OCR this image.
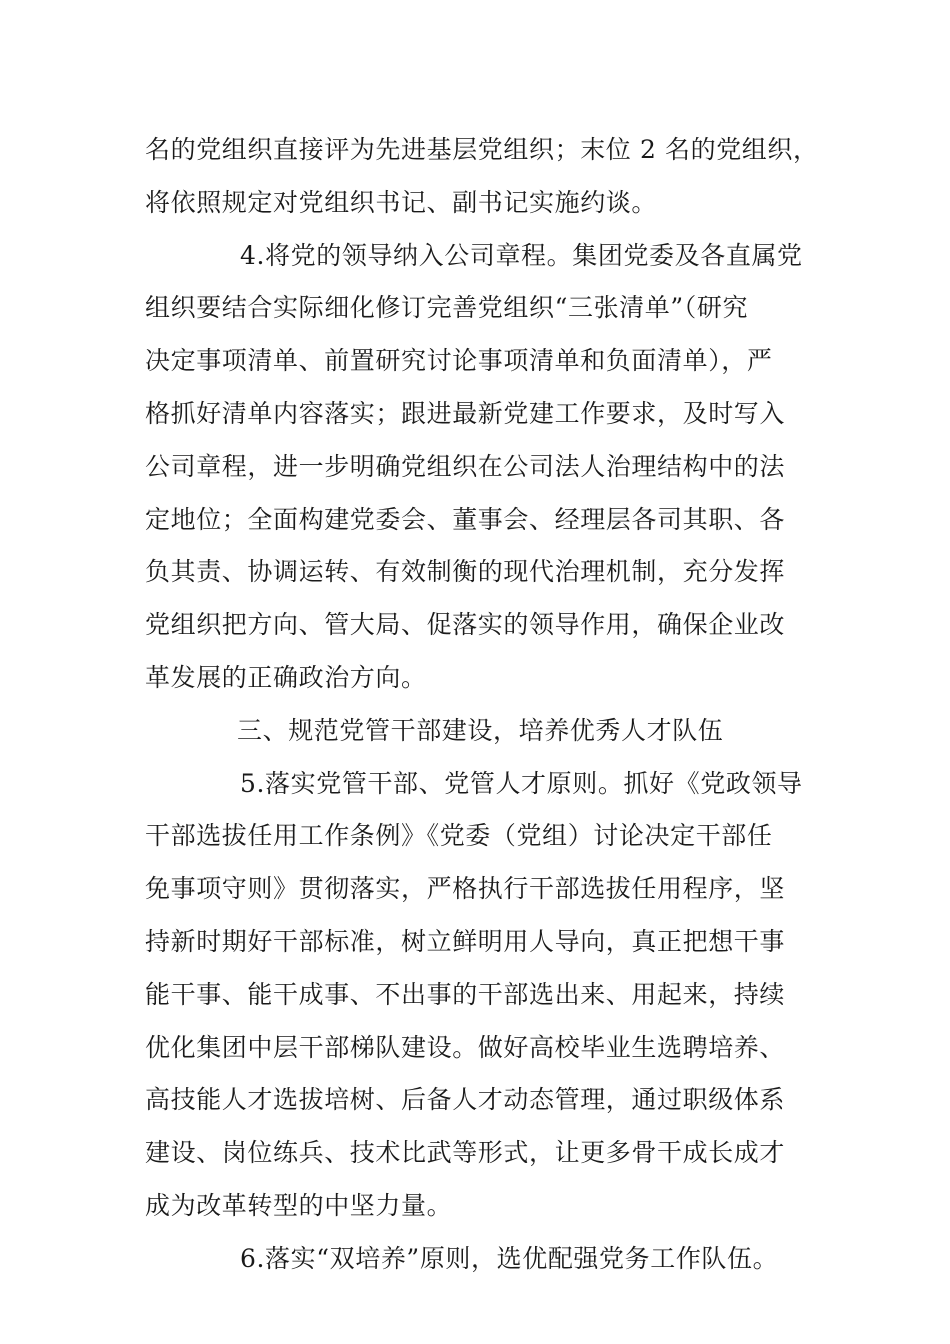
名的党组织直接评为先进基层党组织；末位 2 名的党组织，
将依照规定对党组织书记、副书记实施约谈。
4.将党的领导纳入公司章程。集团党委及各直属党
组织要结合实际细化修订完善党组织“三张清单”（研究
决定事项清单、前置研究讨论事项清单和负面清单），严
格抓好清单内容落实；跟进最新党建工作要求，及时写入
公司章程，进一步明确党组织在公司法人治理结构中的法
定地位；全面构建党委会、董事会、经理层各司其职、各
负其责、协调运转、有效制衡的现代治理机制，充分发挥
党组织把方向、管大局、促落实的领导作用，确保企业改
革发展的正确政治方向。
三、规范党管干部建设，培养优秀人才队伍
5.落实党管干部、党管人才原则。抓好《党政领导
干部选拔任用工作条例》《党委（党组）讨论决定干部任
免事项守则》贯彻落实，严格执行干部选拔任用程序，坚
持新时期好干部标准，树立鲜明用人导向，真正把想干事
能干事、能干成事、不出事的干部选出来、用起来，持续
优化集团中层干部梯队建设。做好高校毕业生选聘培养、
高技能人才选拔培树、后备人才动态管理，通过职级体系
建设、岗位练兵、技术比武等形式，让更多骨干成长成才
成为改革转型的中坚力量。
6.落实“双培养”原则，选优配强党务工作队伍。
